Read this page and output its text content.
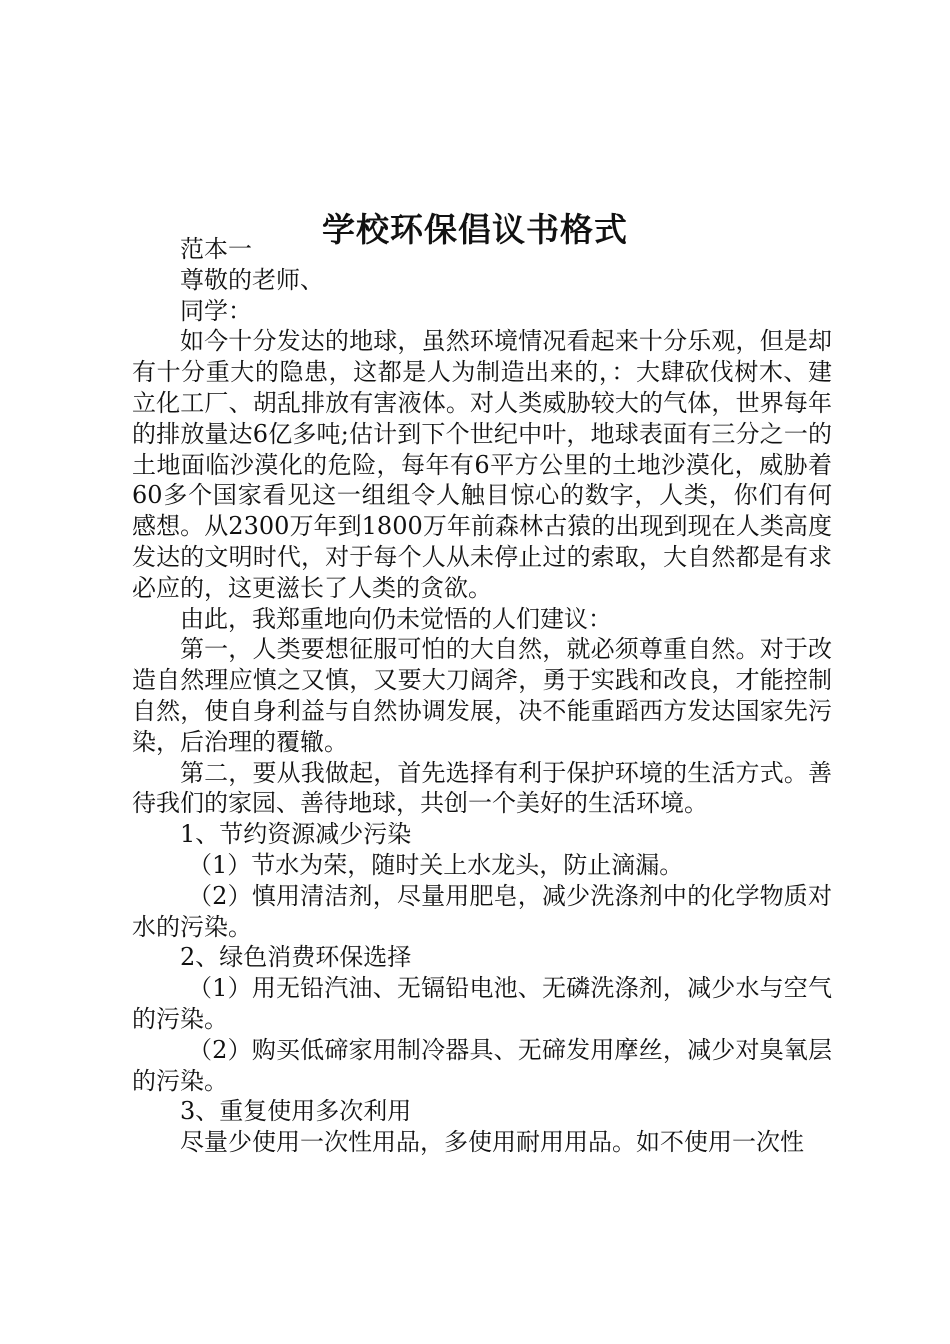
学校环保倡议书格式

范本一

尊敬的老师、

同学：

如今十分发达的地球，虽然环境情况看起来十分乐观，但是却有十分重大的隐患，这都是人为制造出来的，：大肆砍伐树木、建立化工厂、胡乱排放有害液体。对人类威胁较大的气体，世界每年的排放量达6亿多吨;估计到下个世纪中叶，地球表面有三分之一的土地面临沙漠化的危险，每年有6平方公里的土地沙漠化，威胁着60多个国家看见这一组组令人触目惊心的数字，人类，你们有何感想。从2300万年到1800万年前森林古猿的出现到现在人类高度发达的文明时代，对于每个人从未停止过的索取，大自然都是有求必应的，这更滋长了人类的贪欲。

由此，我郑重地向仍未觉悟的人们建议：

第一，人类要想征服可怕的大自然，就必须尊重自然。对于改造自然理应慎之又慎，又要大刀阔斧，勇于实践和改良，才能控制自然，使自身利益与自然协调发展，决不能重蹈西方发达国家先污染，后治理的覆辙。

第二，要从我做起，首先选择有利于保护环境的生活方式。善待我们的家园、善待地球，共创一个美好的生活环境。

1、节约资源减少污染

（1）节水为荣，随时关上水龙头，防止滴漏。

（2）慎用清洁剂，尽量用肥皂，减少洗涤剂中的化学物质对水的污染。

2、绿色消费环保选择

（1）用无铅汽油、无镉铅电池、无磷洗涤剂，减少水与空气的污染。

（2）购买低碲家用制冷器具、无碲发用摩丝，减少对臭氧层的污染。

3、重复使用多次利用

尽量少使用一次性用品，多使用耐用用品。如不使用一次性
